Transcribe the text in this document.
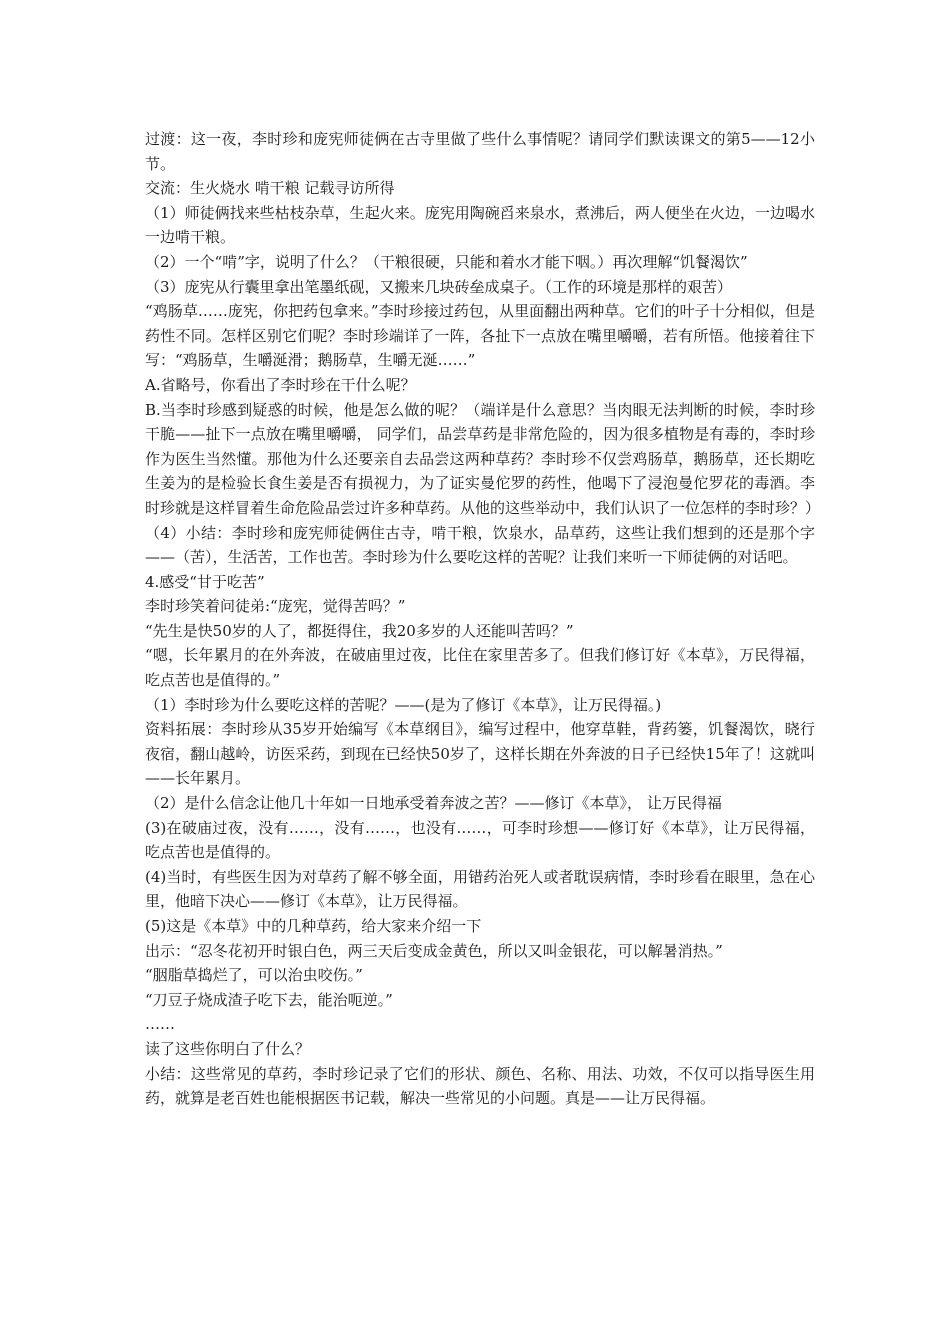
过渡：这一夜，李时珍和庞宪师徒俩在古寺里做了些什么事情呢？请同学们默读课文的第5——12小节。

交流：生火烧水 啃干粮 记载寻访所得

（1）师徒俩找来些枯枝杂草，生起火来。庞宪用陶碗舀来泉水，煮沸后，两人便坐在火边，一边喝水一边啃干粮。

（2）一个“啃”字，说明了什么？（干粮很硬，只能和着水才能下咽。）再次理解“饥餐渴饮”

（3）庞宪从行囊里拿出笔墨纸砚，又搬来几块砖垒成桌子。（工作的环境是那样的艰苦）

“鸡肠草……庞宪，你把药包拿来。”李时珍接过药包，从里面翻出两种草。它们的叶子十分相似，但是药性不同。怎样区别它们呢？李时珍端详了一阵，各扯下一点放在嘴里嚼嚼，若有所悟。他接着往下写：“鸡肠草，生嚼涎滑；鹅肠草，生嚼无涎……”

A.省略号，你看出了李时珍在干什么呢？

B.当李时珍感到疑惑的时候，他是怎么做的呢？（端详是什么意思？当肉眼无法判断的时候，李时珍干脆——扯下一点放在嘴里嚼嚼， 同学们，品尝草药是非常危险的，因为很多植物是有毒的，李时珍作为医生当然懂。那他为什么还要亲自去品尝这两种草药？李时珍不仅尝鸡肠草，鹅肠草，还长期吃生姜为的是检验长食生姜是否有损视力，为了证实曼佗罗的药性，他喝下了浸泡曼佗罗花的毒酒。李时珍就是这样冒着生命危险品尝过许多种草药。从他的这些举动中，我们认识了一位怎样的李时珍？）

（4）小结：李时珍和庞宪师徒俩住古寺，啃干粮，饮泉水，品草药，这些让我们想到的还是那个字——（苦），生活苦，工作也苦。李时珍为什么要吃这样的苦呢？让我们来听一下师徒俩的对话吧。

4.感受“甘于吃苦”

李时珍笑着问徒弟:“庞宪，觉得苦吗？”

“先生是快50岁的人了，都挺得住，我20多岁的人还能叫苦吗？”

“嗯，长年累月的在外奔波，在破庙里过夜，比住在家里苦多了。但我们修订好《本草》，万民得福，吃点苦也是值得的。”

（1）李时珍为什么要吃这样的苦呢？——(是为了修订《本草》，让万民得福。)

资料拓展：李时珍从35岁开始编写《本草纲目》，编写过程中，他穿草鞋，背药篓，饥餐渴饮，晓行夜宿，翻山越岭，访医采药，到现在已经快50岁了，这样长期在外奔波的日子已经快15年了！这就叫——长年累月。

（2）是什么信念让他几十年如一日地承受着奔波之苦？——修订《本草》， 让万民得福

(3)在破庙过夜，没有……，没有……，也没有……，可李时珍想——修订好《本草》，让万民得福，吃点苦也是值得的。

(4)当时，有些医生因为对草药了解不够全面，用错药治死人或者耽误病情，李时珍看在眼里，急在心里，他暗下决心——修订《本草》，让万民得福。

(5)这是《本草》中的几种草药，给大家来介绍一下

出示：“忍冬花初开时银白色，两三天后变成金黄色，所以又叫金银花，可以解暑消热。”

“胭脂草捣烂了，可以治虫咬伤。”

“刀豆子烧成渣子吃下去，能治呃逆。”

……

读了这些你明白了什么？

小结：这些常见的草药，李时珍记录了它们的形状、颜色、名称、用法、功效，不仅可以指导医生用药，就算是老百姓也能根据医书记载，解决一些常见的小问题。真是——让万民得福。
